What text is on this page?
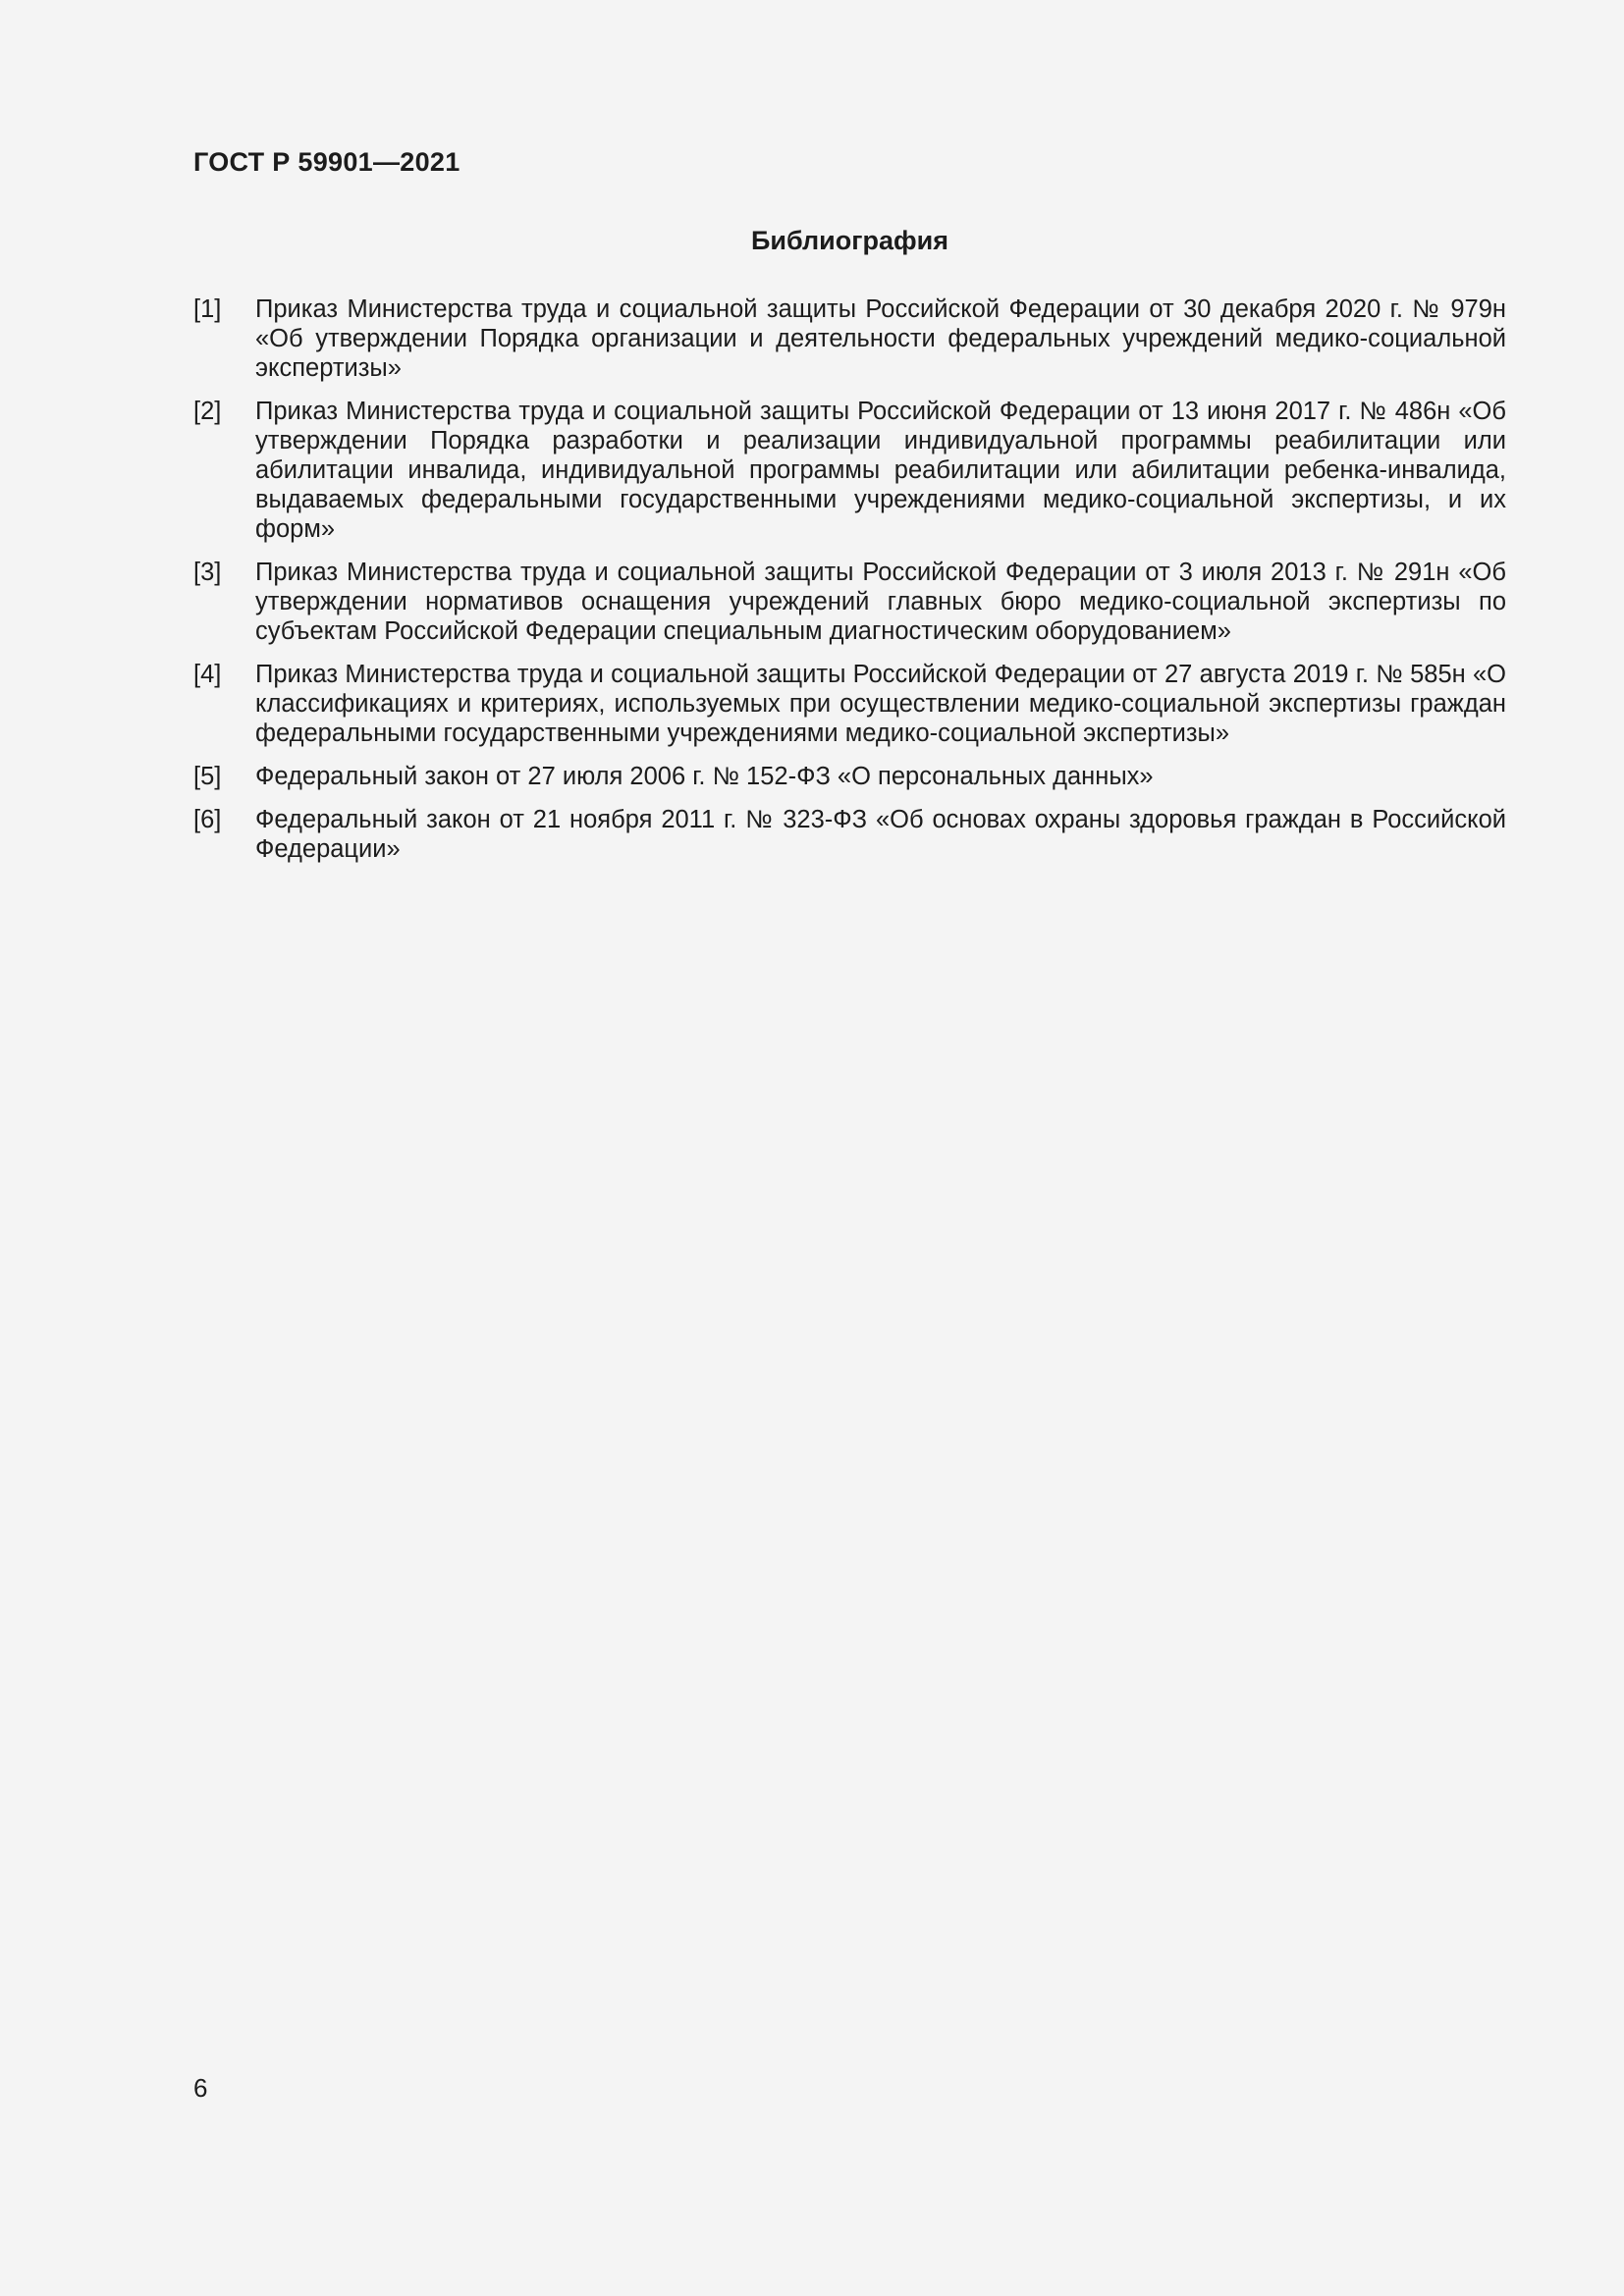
ГОСТ Р 59901—2021
Библиография
[1]	Приказ Министерства труда и социальной защиты Российской Федерации от 30 декабря 2020 г. № 979н «Об утверждении Порядка организации и деятельности федеральных учреждений медико-социальной экспертизы»
[2]	Приказ Министерства труда и социальной защиты Российской Федерации от 13 июня 2017 г. № 486н «Об утверждении Порядка разработки и реализации индивидуальной программы реабилитации или абилитации инвалида, индивидуальной программы реабилитации или абилитации ребенка-инвалида, выдаваемых федеральными государственными учреждениями медико-социальной экспертизы, и их форм»
[3]	Приказ Министерства труда и социальной защиты Российской Федерации от 3 июля 2013 г. № 291н «Об утверждении нормативов оснащения учреждений главных бюро медико-социальной экспертизы по субъектам Российской Федерации специальным диагностическим оборудованием»
[4]	Приказ Министерства труда и социальной защиты Российской Федерации от 27 августа 2019 г. № 585н «О классификациях и критериях, используемых при осуществлении медико-социальной экспертизы граждан федеральными государственными учреждениями медико-социальной экспертизы»
[5]	Федеральный закон от 27 июля 2006 г. № 152-ФЗ «О персональных данных»
[6]	Федеральный закон от 21 ноября 2011 г. № 323-ФЗ «Об основах охраны здоровья граждан в Российской Федерации»
6
